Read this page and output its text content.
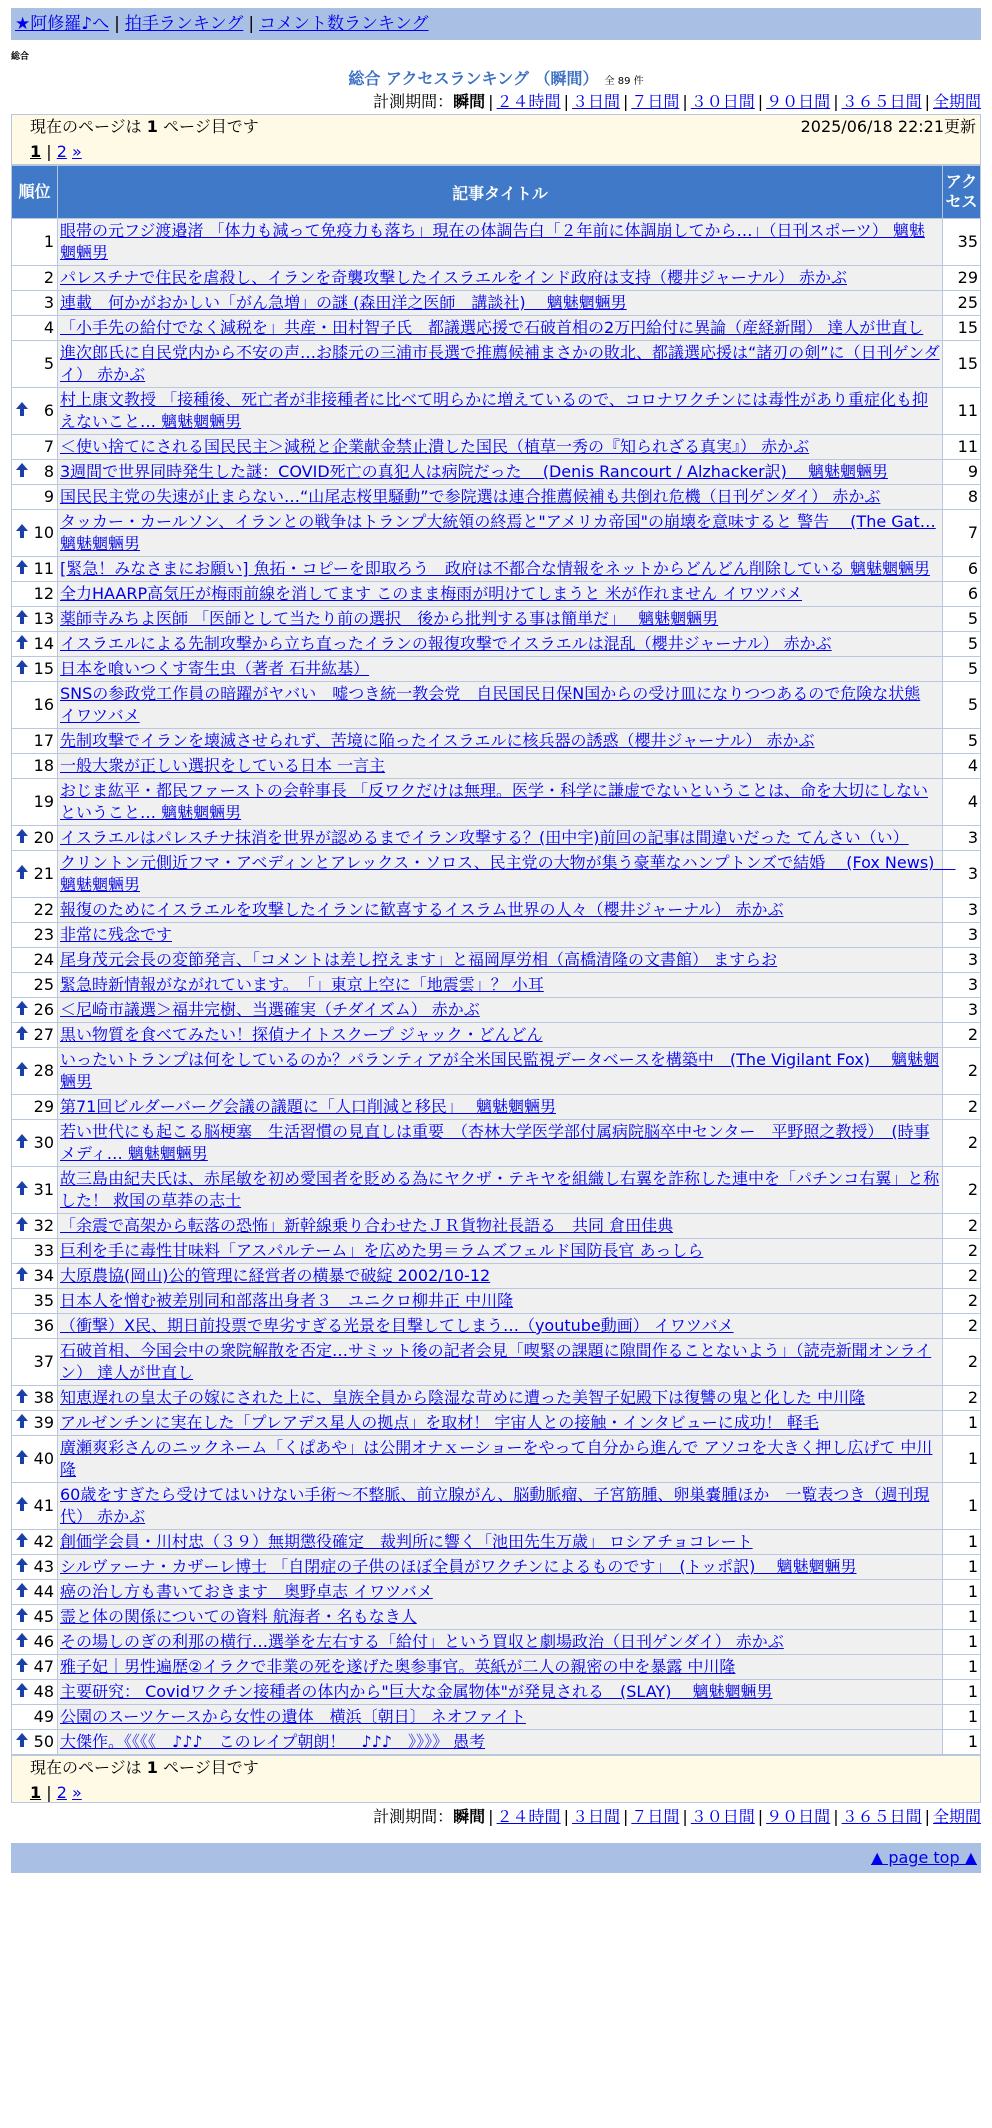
★阿修羅♪へ | 拍手ランキング | コメント数ランキング
総合
総合 アクセスランキング （瞬間） 全 89 件
計測期間：瞬間 | ２４時間 | ３日間 | ７日間 | ３０日間 | ９０日間 | ３６５日間 | 全期間
現在のページは 1 ページ目です	2025/06/18 22:21更新
1 | 2 »
順位	記事タイトル	アクセス
1	眼帯の元フジ渡邉渚 「体力も減って免疫力も落ち」現在の体調告白「２年前に体調崩してから…」（日刊スポーツ） 魑魅魍魎男	35
2	パレスチナで住民を虐殺し、イランを奇襲攻撃したイスラエルをインド政府は支持（櫻井ジャーナル） 赤かぶ	29
3	連載　何かがおかしい「がん急増」の謎 (森田洋之医師　講談社)　 魑魅魍魎男	25
4	「小手先の給付でなく減税を」共産・田村智子氏　都議選応援で石破首相の2万円給付に異論（産経新聞） 達人が世直し	15
5	進次郎氏に自民党内から不安の声…お膝元の三浦市長選で推薦候補まさかの敗北、都議選応援は“諸刃の剣”に（日刊ゲンダイ） 赤かぶ	15

6	村上康文教授 「接種後、死亡者が非接種者に比べて明らかに増えているので、コロナワクチンには毒性があり重症化も抑えないこと… 魑魅魍魎男	11
7	＜使い捨てにされる国民民主＞減税と企業献金禁止潰した国民（植草一秀の『知られざる真実』） 赤かぶ	11

8	3週間で世界同時発生した謎：COVID死亡の真犯人は病院だった　 (Denis Rancourt / Alzhacker訳)　 魑魅魍魎男	9
9	国民民主党の失速が止まらない…“山尾志桜里騒動”で参院選は連合推薦候補も共倒れ危機（日刊ゲンダイ） 赤かぶ	8

10	タッカー・カールソン、イランとの戦争はトランプ大統領の終焉と"アメリカ帝国"の崩壊を意味すると 警告　 (The Gat… 魑魅魍魎男	7

11	[緊急！みなさまにお願い] 魚拓・コピーを即取ろう　政府は不都合な情報をネットからどんどん削除している 魑魅魍魎男	6
12	全力HAARP高気圧が梅雨前線を消してます このまま梅雨が明けてしまうと 米が作れません イワツバメ	6

13	薬師寺みちよ医師 「医師として当たり前の選択　後から批判する事は簡単だ」　 魑魅魍魎男	5

14	イスラエルによる先制攻撃から立ち直ったイランの報復攻撃でイスラエルは混乱（櫻井ジャーナル） 赤かぶ	5

15	日本を喰いつくす寄生虫（著者 石井紘基）	5
16	SNSの参政党工作員の暗躍がヤバい　嘘つき統一教会党　自民国民日保N国からの受け皿になりつつあるので危険な状態 イワツバメ	5
17	先制攻撃でイランを壊滅させられず、苦境に陥ったイスラエルに核兵器の誘惑（櫻井ジャーナル） 赤かぶ	5
18	一般大衆が正しい選択をしている日本 一言主	4
19	おじま紘平・都民ファーストの会幹事長 「反ワクだけは無理。医学・科学に謙虚でないということは、命を大切にしないということ… 魑魅魍魎男	4

20	イスラエルはパレスチナ抹消を世界が認めるまでイラン攻撃する？(田中宇)前回の記事は間違いだった てんさい（い）	3

21	クリントン元側近フマ・アベディンとアレックス・ソロス、民主党の大物が集う豪華なハンプトンズで結婚　 (Fox News)　 魑魅魍魎男	3
22	報復のためにイスラエルを攻撃したイランに歓喜するイスラム世界の人々（櫻井ジャーナル） 赤かぶ	3
23	非常に残念です	3
24	尾身茂元会長の変節発言、「コメントは差し控えます」と福岡厚労相（高橋清隆の文書館） ますらお	3
25	緊急時新情報がながれています。　「」東京上空に「地震雲」？ 小耳	3

26	＜尼崎市議選＞福井完樹、当選確実（チダイズム） 赤かぶ	3

27	黒い物質を食べてみたい！探偵ナイトスクープ ジャック・どんどん	2

28	いったいトランプは何をしているのか？パランティアが全米国民監視データベースを構築中　(The Vigilant Fox)　 魑魅魍魎男	2
29	第71回ビルダーバーグ会議の議題に「人口削減と移民」　 魑魅魍魎男	2

30	若い世代にも起こる脳梗塞　生活習慣の見直しは重要　（杏林大学医学部付属病院脳卒中センター　平野照之教授）　(時事メディ… 魑魅魍魎男	2

31	故三島由紀夫氏は、赤尾敏を初め愛国者を貶める為にヤクザ・テキヤを組織し右翼を詐称した連中を「パチンコ右翼」と称した！ 救国の草莽の志士	2

32	「余震で高架から転落の恐怖」新幹線乗り合わせたＪＲ貨物社長語る　共同 倉田佳典	2
33	巨利を手に毒性甘味料「アスパルテーム」を広めた男＝ラムズフェルド国防長官 あっしら	2

34	大原農協(岡山)公的管理に経営者の横暴で破綻 2002/10-12	2
35	日本人を憎む被差別同和部落出身者３　ユニクロ柳井正 中川隆	2
36	（衝撃）X民、期日前投票で卑劣すぎる光景を目撃してしまう…（youtube動画） イワツバメ	2
37	石破首相、今国会中の衆院解散を否定…サミット後の記者会見「喫緊の課題に隙間作ることないよう」（読売新聞オンライン） 達人が世直し	2

38	知恵遅れの皇太子の嫁にされた上に、皇族全員から陰湿な苛めに遭った美智子妃殿下は復讐の鬼と化した 中川隆	2

39	アルゼンチンに実在した「プレアデス星人の拠点」を取材！ 宇宙人との接触・インタビューに成功！ 軽毛	1

40	廣瀬爽彩さんのニックネーム「くぱあや」は公開オナｘーショーをやって自分から進んで アソコを大きく押し広げて 中川隆	1

41	60歳をすぎたら受けてはいけない手術〜不整脈、前立腺がん、脳動脈瘤、子宮筋腫、卵巣嚢腫ほか　一覧表つき（週刊現代） 赤かぶ	1

42	創価学会員・川村忠（３９）無期懲役確定　裁判所に響く「池田先生万歳」 ロシアチョコレート	1

43	シルヴァーナ・カザーレ博士 「自閉症の子供のほぼ全員がワクチンによるものです」　(トッポ訳)　 魑魅魍魎男	1

44	癌の治し方も書いておきます　奥野卓志 イワツバメ	1

45	霊と体の関係についての資料 航海者・名もなき人	1

46	その場しのぎの利那の横行…選挙を左右する「給付」という買収と劇場政治（日刊ゲンダイ） 赤かぶ	1

47	雅子妃｜男性遍歴②イラクで非業の死を遂げた奥参事官。英紙が二人の親密の中を暴露 中川隆	1

48	主要研究： Covidワクチン接種者の体内から"巨大な金属物体"が発見される　(SLAY)　 魑魅魍魎男	1
49	公園のスーツケースから女性の遺体　横浜〔朝日〕 ネオファイト	1

50	大傑作。《《《《　♪♪♪　このレイプ朝朗！　♪♪♪　》》》》 愚考	1
現在のページは 1 ページ目です
1 | 2 »
計測期間：瞬間 | ２４時間 | ３日間 | ７日間 | ３０日間 | ９０日間 | ３６５日間 | 全期間
▲ page top ▲
